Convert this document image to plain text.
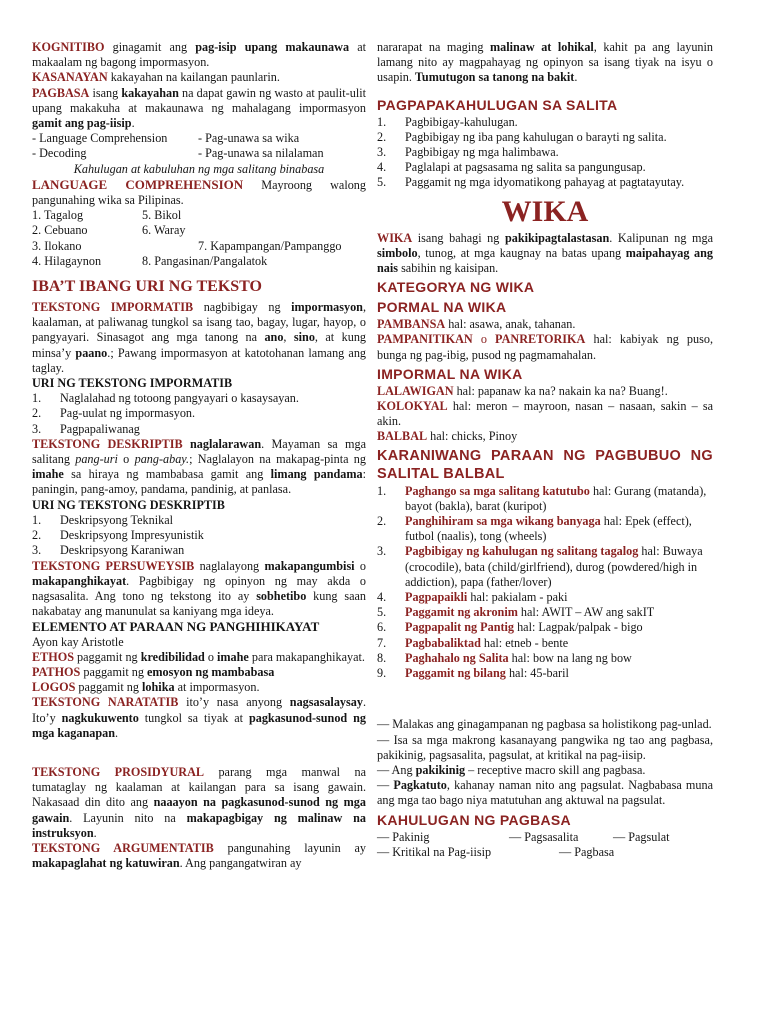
KOGNITIBO ginagamit ang pag-isip upang makaunawa at makaalam ng bagong impormasyon.

KASANAYAN kakayahan na kailangan paunlarin.

PAGBASA isang kakayahan na dapat gawin ng wasto at paulit-ulit upang makakuha at makaunawa ng mahalagang impormasyon gamit ang pag-iisip.

- Language Comprehension	- Pag-unawa sa wika
- Decoding	- Pag-unawa sa nilalaman

Kahulugan at kabuluhan ng mga salitang binabasa

LANGUAGE COMPREHENSION Mayroong walong pangunahing wika sa Pilipinas.

1. Tagalog	5. Bikol
2. Cebuano	6. Waray
3. Ilokano	7. Kapampangan/Pampanggo
4. Hilagaynon	8. Pangasinan/Pangalatok
IBA’T IBANG URI NG TEKSTO

TEKSTONG IMPORMATIB nagbibigay ng impormasyon, kaalaman, at paliwanag tungkol sa isang tao, bagay, lugar, hayop, o pangyayari. Sinasagot ang mga tanong na ano, sino, at kung minsa’y paano.; Pawang impormasyon at katotohanan lamang ang taglay.

URI NG TEKSTONG IMPORMATIB

1. Naglalahad ng totoong pangyayari o kasaysayan.
2. Pag-uulat ng impormasyon.
3. Pagpapaliwanag

TEKSTONG DESKRIPTIB naglalarawan. Mayaman sa mga salitang pang-uri o pang-abay.; Naglalayon na makapag-pinta ng imahe sa hiraya ng mambabasa gamit ang limang pandama: paningin, pang-amoy, pandama, pandinig, at panlasa.

URI NG TEKSTONG DESKRIPTIB

1. Deskripsyong Teknikal
2. Deskripsyong Impresyunistik
3. Deskripsyong Karaniwan

TEKSTONG PERSUWEYSIB naglalayong makapangumbisi o makapanghikayat. Pagbibigay ng opinyon ng may akda o nagsasalita. Ang tono ng tekstong ito ay sobhetibo kung saan nakabatay ang manunulat sa kaniyang mga ideya.

ELEMENTO AT PARAAN NG PANGHIHIKAYAT

Ayon kay Aristotle

ETHOS paggamit ng kredibilidad o imahe para makapanghikayat.

PATHOS paggamit ng emosyon ng mambabasa

LOGOS paggamit ng lohika at impormasyon.

TEKSTONG NARATATIB ito’y nasa anyong nagsasalaysay. Ito’y nagkukuwento tungkol sa tiyak at pagkasunod-sunod ng mga kaganapan.

TEKSTONG PROSIDYURAL parang mga manwal na tumataglay ng kaalaman at kailangan para sa isang gawain. Nakasaad din dito ang naaayon na pagkasunod-sunod ng mga gawain. Layunin nito na makapagbigay ng malinaw na instruksyon.

TEKSTONG ARGUMENTATIB pangunahing layunin ay makapaglahat ng katuwiran. Ang pangangatwiran ay

nararapat na maging malinaw at lohikal, kahit pa ang layunin lamang nito ay magpahayag ng opinyon sa isang tiyak na isyu o usapin. Tumutugon sa tanong na bakit.

PAGPAPAKAHULUGAN SA SALITA
1. Pagbibigay-kahulugan.
2. Pagbibigay ng iba pang kahulugan o barayti ng salita.
3. Pagbibigay ng mga halimbawa.
4. Paglalapi at pagsasama ng salita sa pangungusap.
5. Paggamit ng mga idyomatikong pahayag at pagtatayutay.
WIKA

WIKA isang bahagi ng pakikipagtalastasan. Kalipunan ng mga simbolo, tunog, at mga kaugnay na batas upang maipahayag ang nais sabihin ng kaisipan.

KATEGORYA NG WIKA
PORMAL NA WIKA

PAMBANSA hal: asawa, anak, tahanan.

PAMPANITIKAN o PANRETORIKA hal: kabiyak ng puso, bunga ng pag-ibig, pusod ng pagmamahalan.

IMPORMAL NA WIKA

LALAWIGAN hal: papanaw ka na? nakain ka na? Buang!.

KOLOKYAL hal: meron – mayroon, nasan – nasaan, sakin – sa akin.

BALBAL hal: chicks, Pinoy

KARANIWANG PARAAN NG PAGBUBUO NG SALITAL BALBAL
1. Paghango sa mga salitang katutubo hal: Gurang (matanda), bayot (bakla), barat (kuripot)
2. Panghihiram sa mga wikang banyaga hal: Epek (effect), futbol (naalis), tong (wheels)
3. Pagbibigay ng kahulugan ng salitang tagalog hal: Buwaya (crocodile), bata (child/girlfriend), durog (powdered/high in addiction), papa (father/lover)
4. Pagpapaikli hal: pakialam - paki
5. Paggamit ng akronim hal: AWIT – AW ang sakIT
6. Pagpapalit ng Pantig hal: Lagpak/palpak - bigo
7. Pagbabaliktad hal: etneb - bente
8. Paghahalo ng Salita hal: bow na lang ng bow
9. Paggamit ng bilang hal: 45-baril

— Malakas ang ginagampanan ng pagbasa sa holistikong pag-unlad.

— Isa sa mga makrong kasanayang pangwika ng tao ang pagbasa, pakikinig, pagsasalita, pagsulat, at kritikal na pag-iisip.

— Ang pakikinig – receptive macro skill ang pagbasa.

— Pagkatuto, kahanay naman nito ang pagsulat. Nagbabasa muna ang mga tao bago niya matutuhan ang aktuwal na pagsulat.

KAHULUGAN NG PAGBASA
— Pakinig	— Pagsasalita	— Pagsulat
— Kritikal na Pag-iisip	— Pagbasa
